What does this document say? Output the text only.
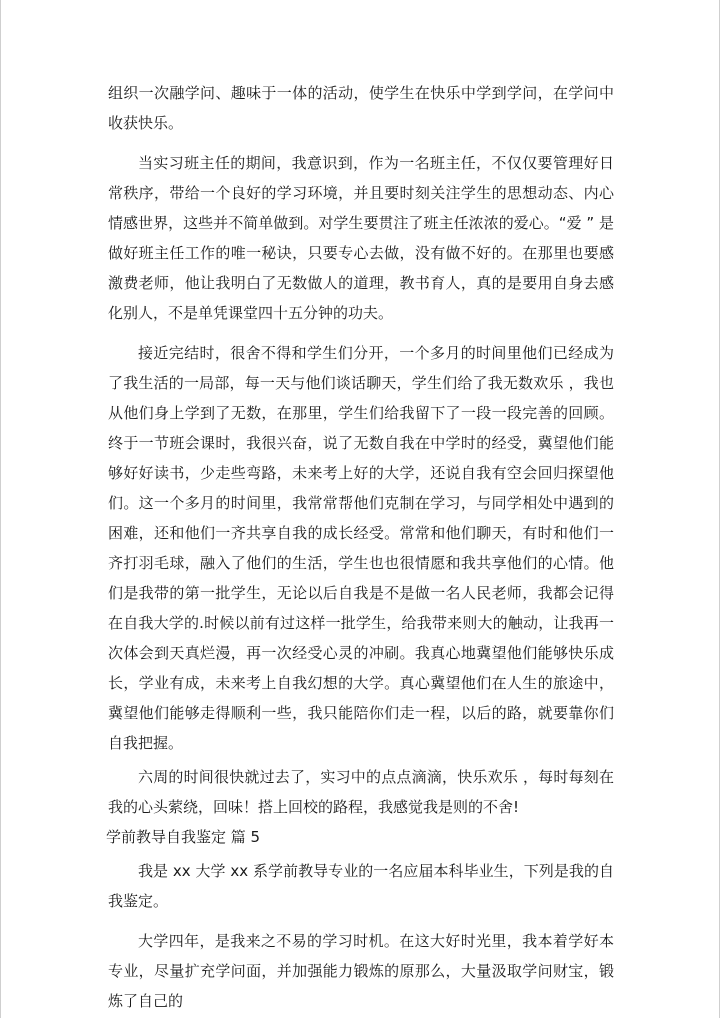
组织一次融学问、趣味于一体的活动，使学生在快乐中学到学问，在学问中收获快乐。

当实习班主任的期间，我意识到，作为一名班主任，不仅仅要管理好日常秩序，带给一个良好的学习环境，并且要时刻关注学生的思想动态、内心情感世界，这些并不简单做到。对学生要贯注了班主任浓浓的爱心。“爱 ” 是做好班主任工作的唯一秘诀，只要专心去做，没有做不好的。在那里也要感激费老师，他让我明白了无数做人的道理，教书育人，真的是要用自身去感化别人，不是单凭课堂四十五分钟的功夫。

接近完结时，很舍不得和学生们分开，一个多月的时间里他们已经成为了我生活的一局部，每一天与他们谈话聊天，学生们给了我无数欢乐 ，我也从他们身上学到了无数，在那里，学生们给我留下了一段一段完善的回顾。终于一节班会课时，我很兴奋，说了无数自我在中学时的经受，冀望他们能够好好读书，少走些弯路，未来考上好的大学，还说自我有空会回归探望他们。这一个多月的时间里，我常常帮他们克制在学习，与同学相处中遇到的困难，还和他们一齐共享自我的成长经受。常常和他们聊天，有时和他们一齐打羽毛球，融入了他们的生活，学生也也很情愿和我共享他们的心情。他们是我带的第一批学生，无论以后自我是不是做一名人民老师，我都会记得在自我大学的.时候以前有过这样一批学生，给我带来则大的触动，让我再一次体会到天真烂漫，再一次经受心灵的冲刷。我真心地冀望他们能够快乐成长，学业有成，未来考上自我幻想的大学。真心冀望他们在人生的旅途中，冀望他们能够走得顺利一些，我只能陪你们走一程，以后的路，就要靠你们自我把握。

六周的时间很快就过去了，实习中的点点滴滴，快乐欢乐 ，每时每刻在我的心头萦绕，回味！搭上回校的路程，我感觉我是则的不舍!

学前教导自我鉴定 篇 5

我是 xx 大学 xx 系学前教导专业的一名应届本科毕业生，下列是我的自我鉴定。

大学四年，是我来之不易的学习时机。在这大好时光里，我本着学好本专业，尽量扩充学问面，并加强能力锻炼的原那么，大量汲取学问财宝，锻炼了自己的
